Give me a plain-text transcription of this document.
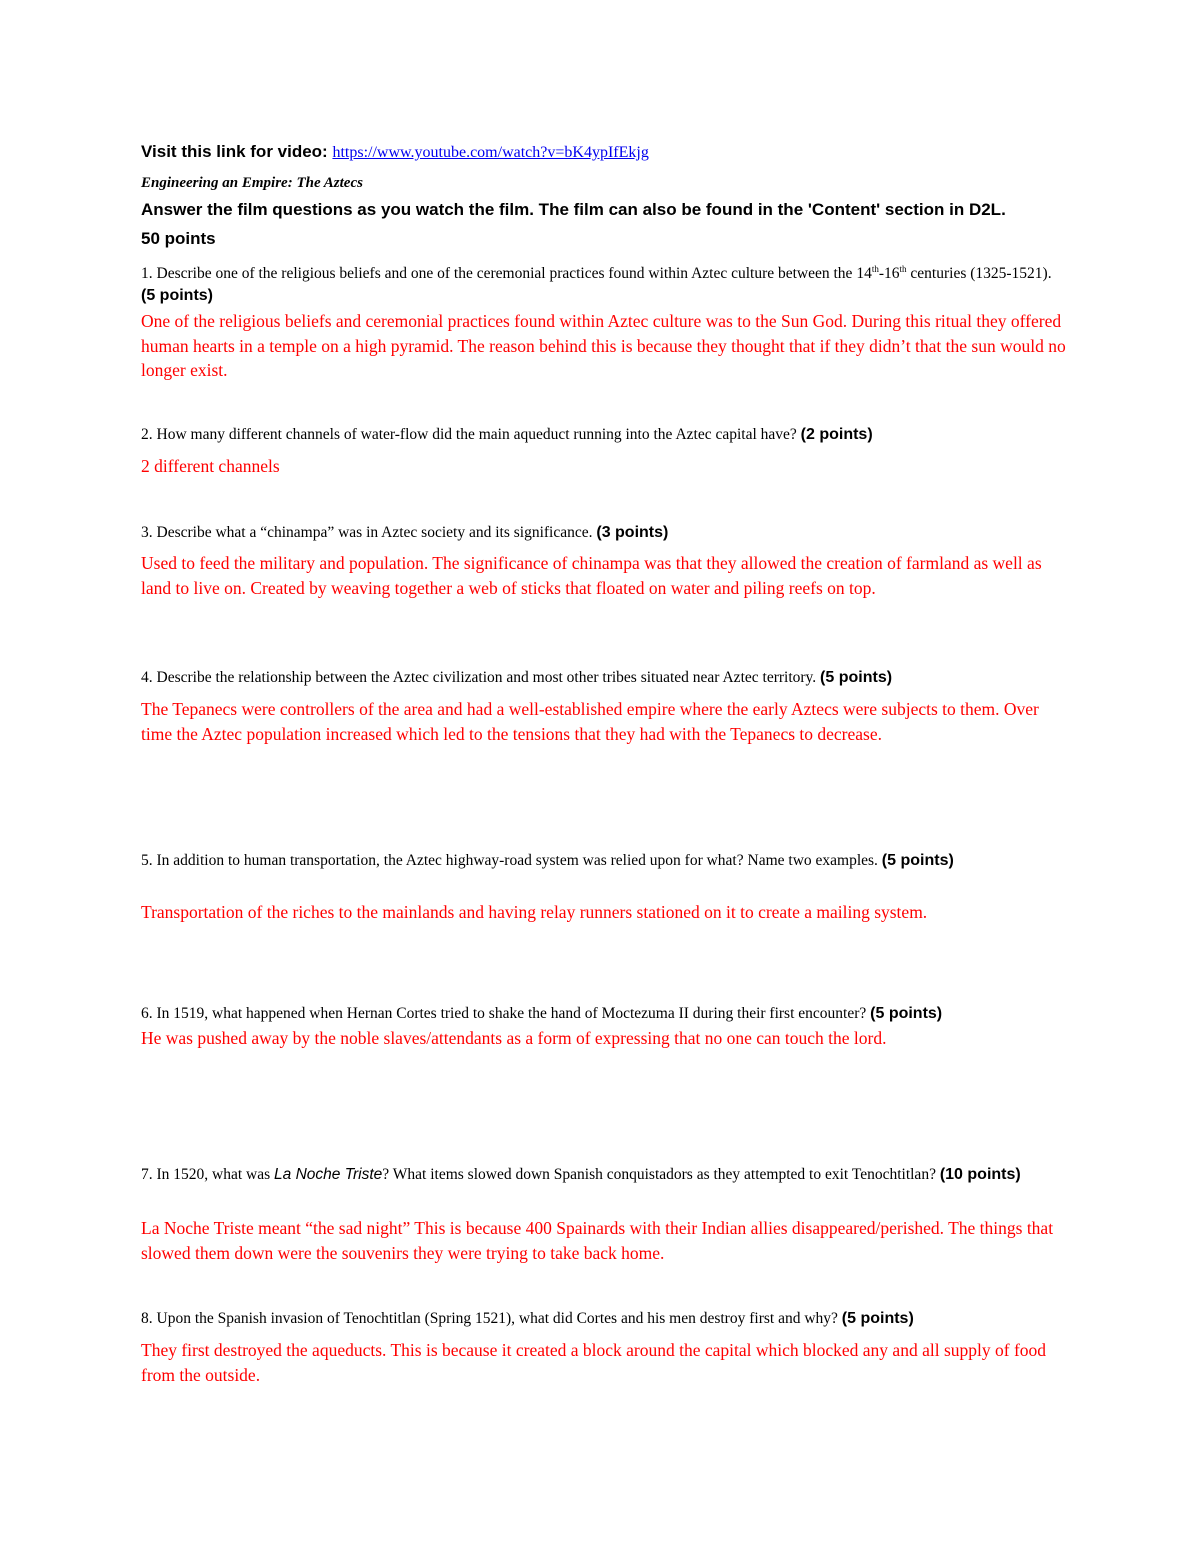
Visit this link for video: https://www.youtube.com/watch?v=bK4ypIfEkjg
Engineering an Empire: The Aztecs
Answer the film questions as you watch the film. The film can also be found in the 'Content' section in D2L.
50 points
1. Describe one of the religious beliefs and one of the ceremonial practices found within Aztec culture between the 14th-16th centuries (1325-1521). (5 points)
One of the religious beliefs and ceremonial practices found within Aztec culture was to the Sun God. During this ritual they offered human hearts in a temple on a high pyramid. The reason behind this is because they thought that if they didn’t that the sun would no longer exist.
2. How many different channels of water-flow did the main aqueduct running into the Aztec capital have? (2 points)
2 different channels
3. Describe what a “chinampa” was in Aztec society and its significance. (3 points)
Used to feed the military and population. The significance of chinampa was that they allowed the creation of farmland as well as land to live on. Created by weaving together a web of sticks that floated on water and piling reefs on top.
4. Describe the relationship between the Aztec civilization and most other tribes situated near Aztec territory. (5 points)
The Tepanecs were controllers of the area and had a well-established empire where the early Aztecs were subjects to them. Over time the Aztec population increased which led to the tensions that they had with the Tepanecs to decrease.
5. In addition to human transportation, the Aztec highway-road system was relied upon for what? Name two examples. (5 points)
Transportation of the riches to the mainlands and having relay runners stationed on it to create a mailing system.
6. In 1519, what happened when Hernan Cortes tried to shake the hand of Moctezuma II during their first encounter? (5 points)
He was pushed away by the noble slaves/attendants as a form of expressing that no one can touch the lord.
7. In 1520, what was La Noche Triste? What items slowed down Spanish conquistadors as they attempted to exit Tenochtitlan? (10 points)
La Noche Triste meant “the sad night” This is because 400 Spainards with their Indian allies disappeared/perished. The things that slowed them down were the souvenirs they were trying to take back home.
8. Upon the Spanish invasion of Tenochtitlan (Spring 1521), what did Cortes and his men destroy first and why? (5 points)
They first destroyed the aqueducts. This is because it created a block around the capital which blocked any and all supply of food from the outside.
